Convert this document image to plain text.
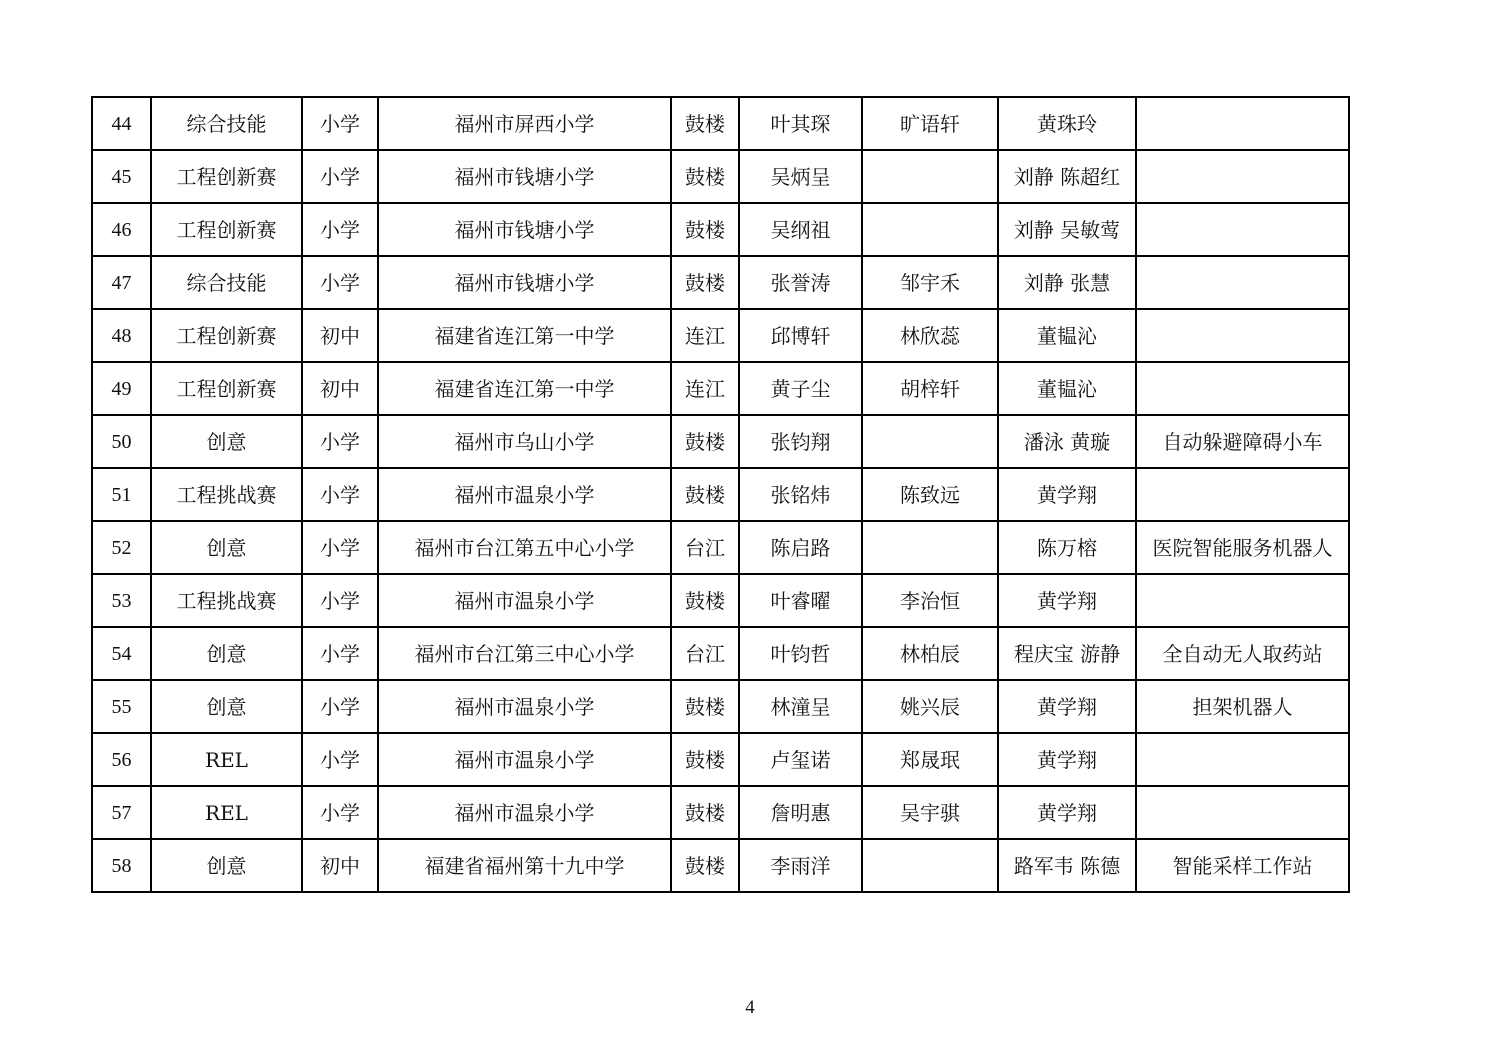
44	综合技能	小学	福州市屏西小学	鼓楼	叶其琛	旷语轩	黄珠玲	
45	工程创新赛	小学	福州市钱塘小学	鼓楼	吴炳呈		刘静 陈超红	
46	工程创新赛	小学	福州市钱塘小学	鼓楼	吴纲祖		刘静 吴敏莺	
47	综合技能	小学	福州市钱塘小学	鼓楼	张誉涛	邹宇禾	刘静 张慧	
48	工程创新赛	初中	福建省连江第一中学	连江	邱博轩	林欣蕊	董韫沁	
49	工程创新赛	初中	福建省连江第一中学	连江	黄子尘	胡梓轩	董韫沁	
50	创意	小学	福州市乌山小学	鼓楼	张钧翔		潘泳 黄璇	自动躲避障碍小车
51	工程挑战赛	小学	福州市温泉小学	鼓楼	张铭炜	陈致远	黄学翔	
52	创意	小学	福州市台江第五中心小学	台江	陈启路		陈万榕	医院智能服务机器人
53	工程挑战赛	小学	福州市温泉小学	鼓楼	叶睿曜	李治恒	黄学翔	
54	创意	小学	福州市台江第三中心小学	台江	叶钧哲	林柏辰	程庆宝 游静	全自动无人取药站
55	创意	小学	福州市温泉小学	鼓楼	林潼呈	姚兴辰	黄学翔	担架机器人
56	REL	小学	福州市温泉小学	鼓楼	卢玺诺	郑晟珉	黄学翔	
57	REL	小学	福州市温泉小学	鼓楼	詹明惠	吴宇骐	黄学翔	
58	创意	初中	福建省福州第十九中学	鼓楼	李雨洋		路军韦 陈德	智能采样工作站
4
